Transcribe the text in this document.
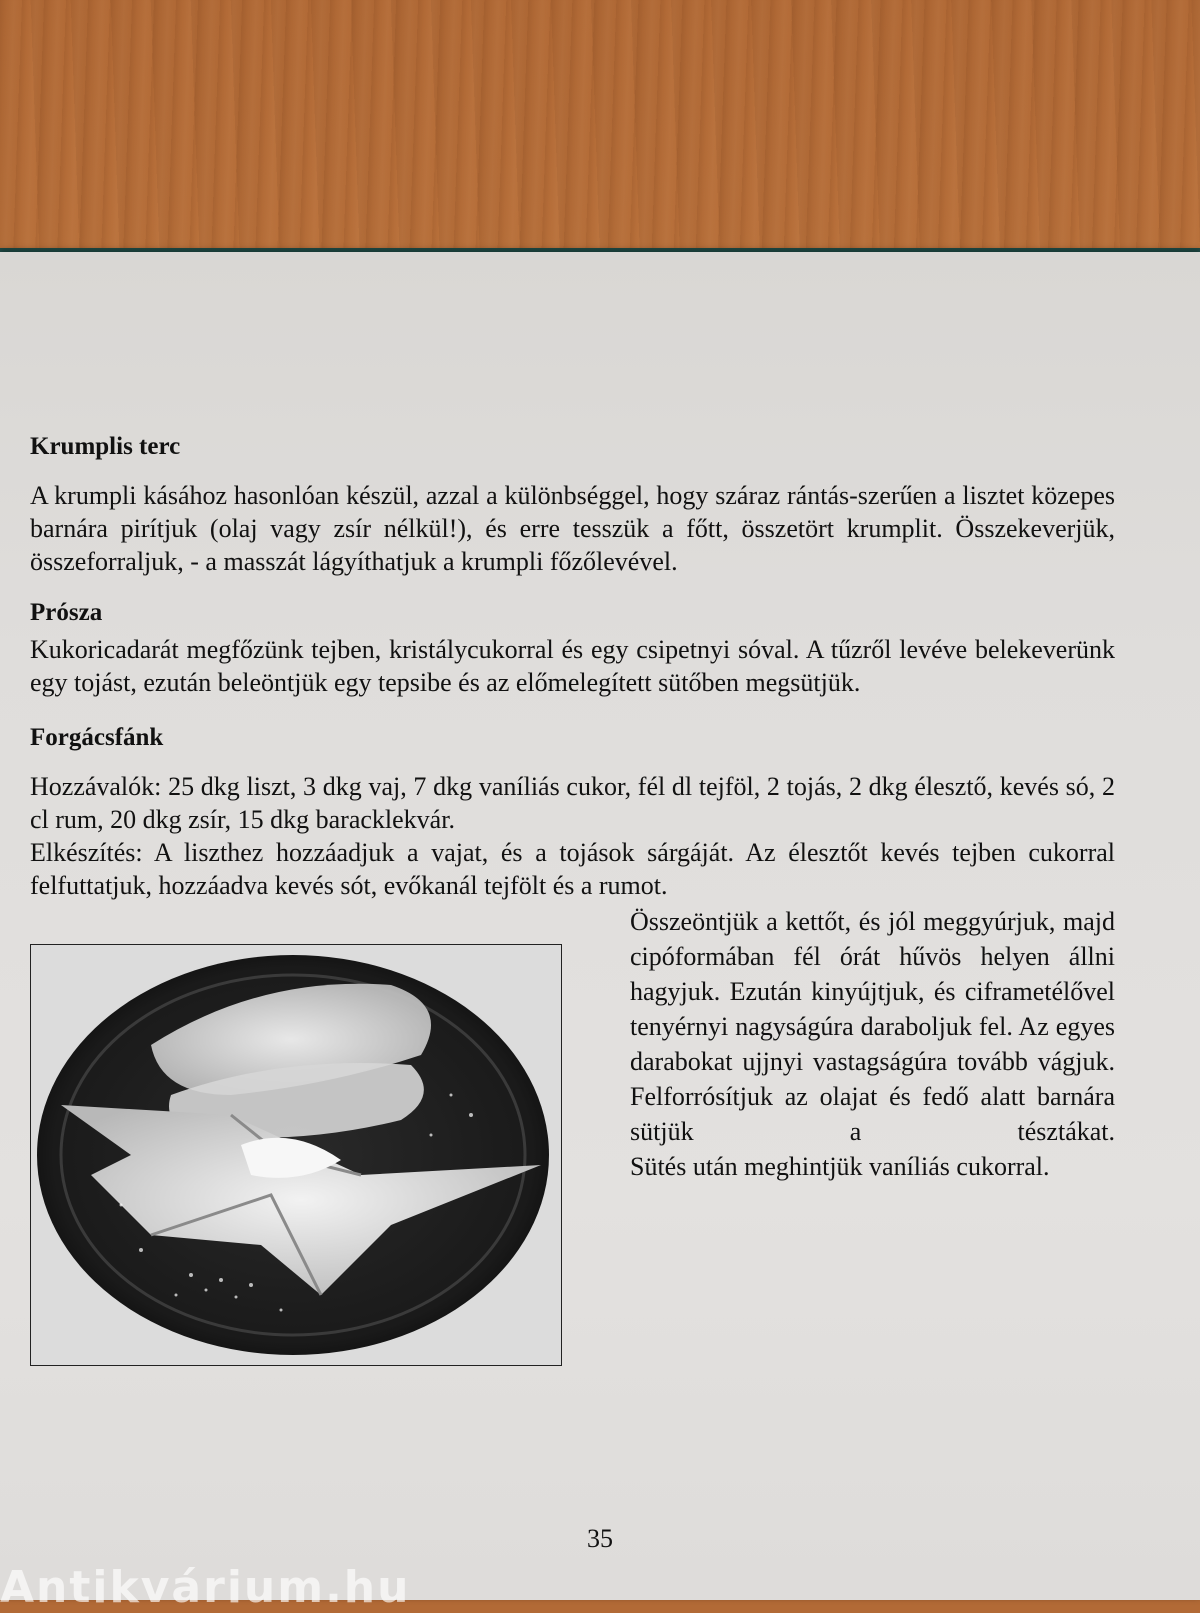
Krumplis terc

A krumpli kásához hasonlóan készül, azzal a különbséggel, hogy száraz rántás-szerűen a lisztet közepes barnára pirítjuk (olaj vagy zsír nélkül!), és erre tesszük a főtt, összetört krumplit. Összekeverjük, összeforraljuk, - a masszát lágyíthatjuk a krumpli főzőlevével.

Prósza

Kukoricadarát megfőzünk tejben, kristálycukorral és egy csipetnyi sóval. A tűzről levéve belekeverünk egy tojást, ezután beleöntjük egy tepsibe és az előmelegített sütőben megsütjük.

Forgácsfánk

Hozzávalók: 25 dkg liszt, 3 dkg vaj, 7 dkg vaníliás cukor, fél dl tejföl, 2 tojás, 2 dkg élesztő, kevés só, 2 cl rum, 20 dkg zsír, 15 dkg baracklekvár.

Elkészítés: A liszthez hozzáadjuk a vajat, és a tojások sárgáját. Az élesztőt kevés tejben cukorral felfuttatjuk, hozzáadva kevés sót, evőkanál tejfölt és a rumot.

Összeöntjük a kettőt, és jól meggyúrjuk, majd cipóformában fél órát hűvös helyen állni hagyjuk. Ezután kinyújtjuk, és ciframetélővel tenyérnyi nagyságúra daraboljuk fel. Az egyes darabokat ujjnyi vastagságúra tovább vágjuk. Felforrósítjuk az olajat és fedő alatt barnára sütjük a tésztákat.

Sütés után meghintjük vaníliás cukorral.

35
Antikvárium.hu
